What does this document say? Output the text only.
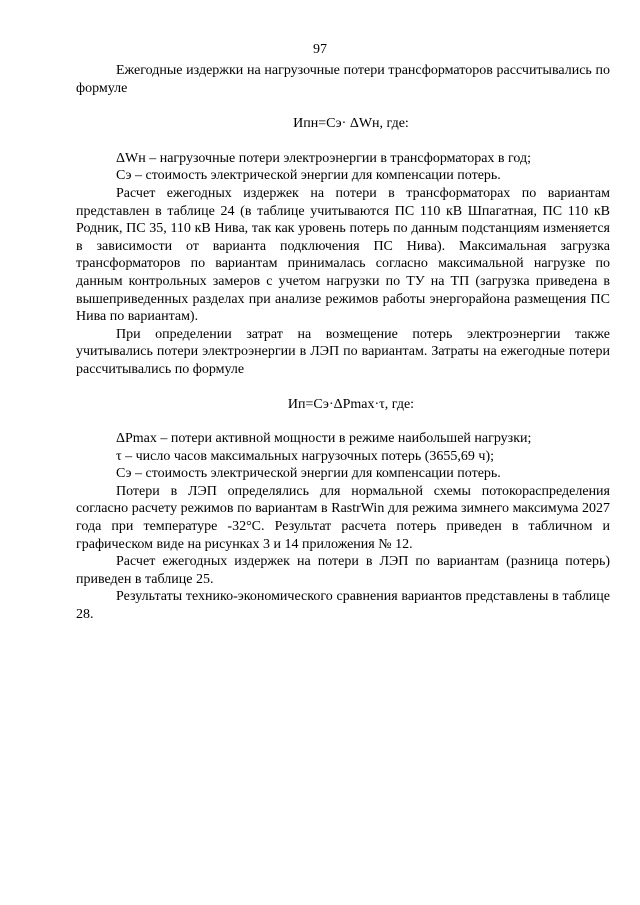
97

Ежегодные издержки на нагрузочные потери трансформаторов рассчитывались по формуле

Ипн=Сэ· ΔWн, где:

ΔWн – нагрузочные потери электроэнергии в трансформаторах в год;

Сэ – стоимость электрической энергии для компенсации потерь.

Расчет ежегодных издержек на потери в трансформаторах по вариантам представлен в таблице 24 (в таблице учитываются ПС 110 кВ Шпагатная, ПС 110 кВ Родник, ПС 35, 110 кВ Нива, так как уровень потерь по данным подстанциям изменяется в зависимости от варианта подключения ПС Нива). Максимальная загрузка трансформаторов по вариантам принималась согласно максимальной нагрузке по данным контрольных замеров с учетом нагрузки по ТУ на ТП (загрузка приведена в вышеприведенных разделах при анализе режимов работы энергорайона размещения ПС Нива по вариантам).

При определении затрат на возмещение потерь электроэнергии также учитывались потери электроэнергии в ЛЭП по вариантам. Затраты на ежегодные потери рассчитывались по формуле

Ип=Сэ·ΔPmax·τ, где:

ΔPmax – потери активной мощности в режиме наибольшей нагрузки;

τ – число часов максимальных нагрузочных потерь (3655,69 ч);

Сэ – стоимость электрической энергии для компенсации потерь.

Потери в ЛЭП определялись для нормальной схемы потокораспределения согласно расчету режимов по вариантам в RastrWin для режима зимнего максимума 2027 года при температуре -32°С. Результат расчета потерь приведен в табличном и графическом виде на рисунках 3 и 14 приложения № 12.

Расчет ежегодных издержек на потери в ЛЭП по вариантам (разница потерь) приведен в таблице 25.

Результаты технико-экономического сравнения вариантов представлены в таблице 28.
